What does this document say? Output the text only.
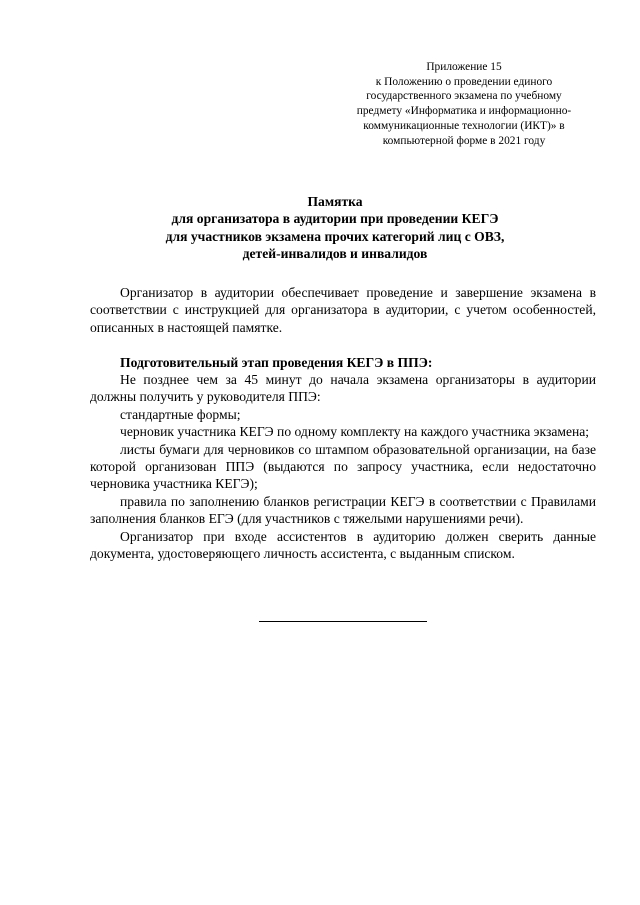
Приложение 15
к Положению о проведении единого
государственного экзамена по учебному
предмету «Информатика и информационно-
коммуникационные технологии (ИКТ)» в
компьютерной форме в 2021 году
Памятка
для организатора в аудитории при проведении КЕГЭ
для участников экзамена прочих категорий лиц с ОВЗ,
детей-инвалидов и инвалидов

Организатор в аудитории обеспечивает проведение и завершение экзамена в соответствии с инструкцией для организатора в аудитории, с учетом особенностей, описанных в настоящей памятке.

Подготовительный этап проведения КЕГЭ в ППЭ:

Не позднее чем за 45 минут до начала экзамена организаторы в аудитории должны получить у руководителя ППЭ:

стандартные формы;

черновик участника КЕГЭ по одному комплекту на каждого участника экзамена;

листы бумаги для черновиков со штампом образовательной организации, на базе которой организован ППЭ (выдаются по запросу участника, если недостаточно черновика участника КЕГЭ);

правила по заполнению бланков регистрации КЕГЭ в соответствии с Правилами заполнения бланков ЕГЭ (для участников с тяжелыми нарушениями речи).

Организатор при входе ассистентов в аудиторию должен сверить данные документа, удостоверяющего личность ассистента, с выданным списком.
